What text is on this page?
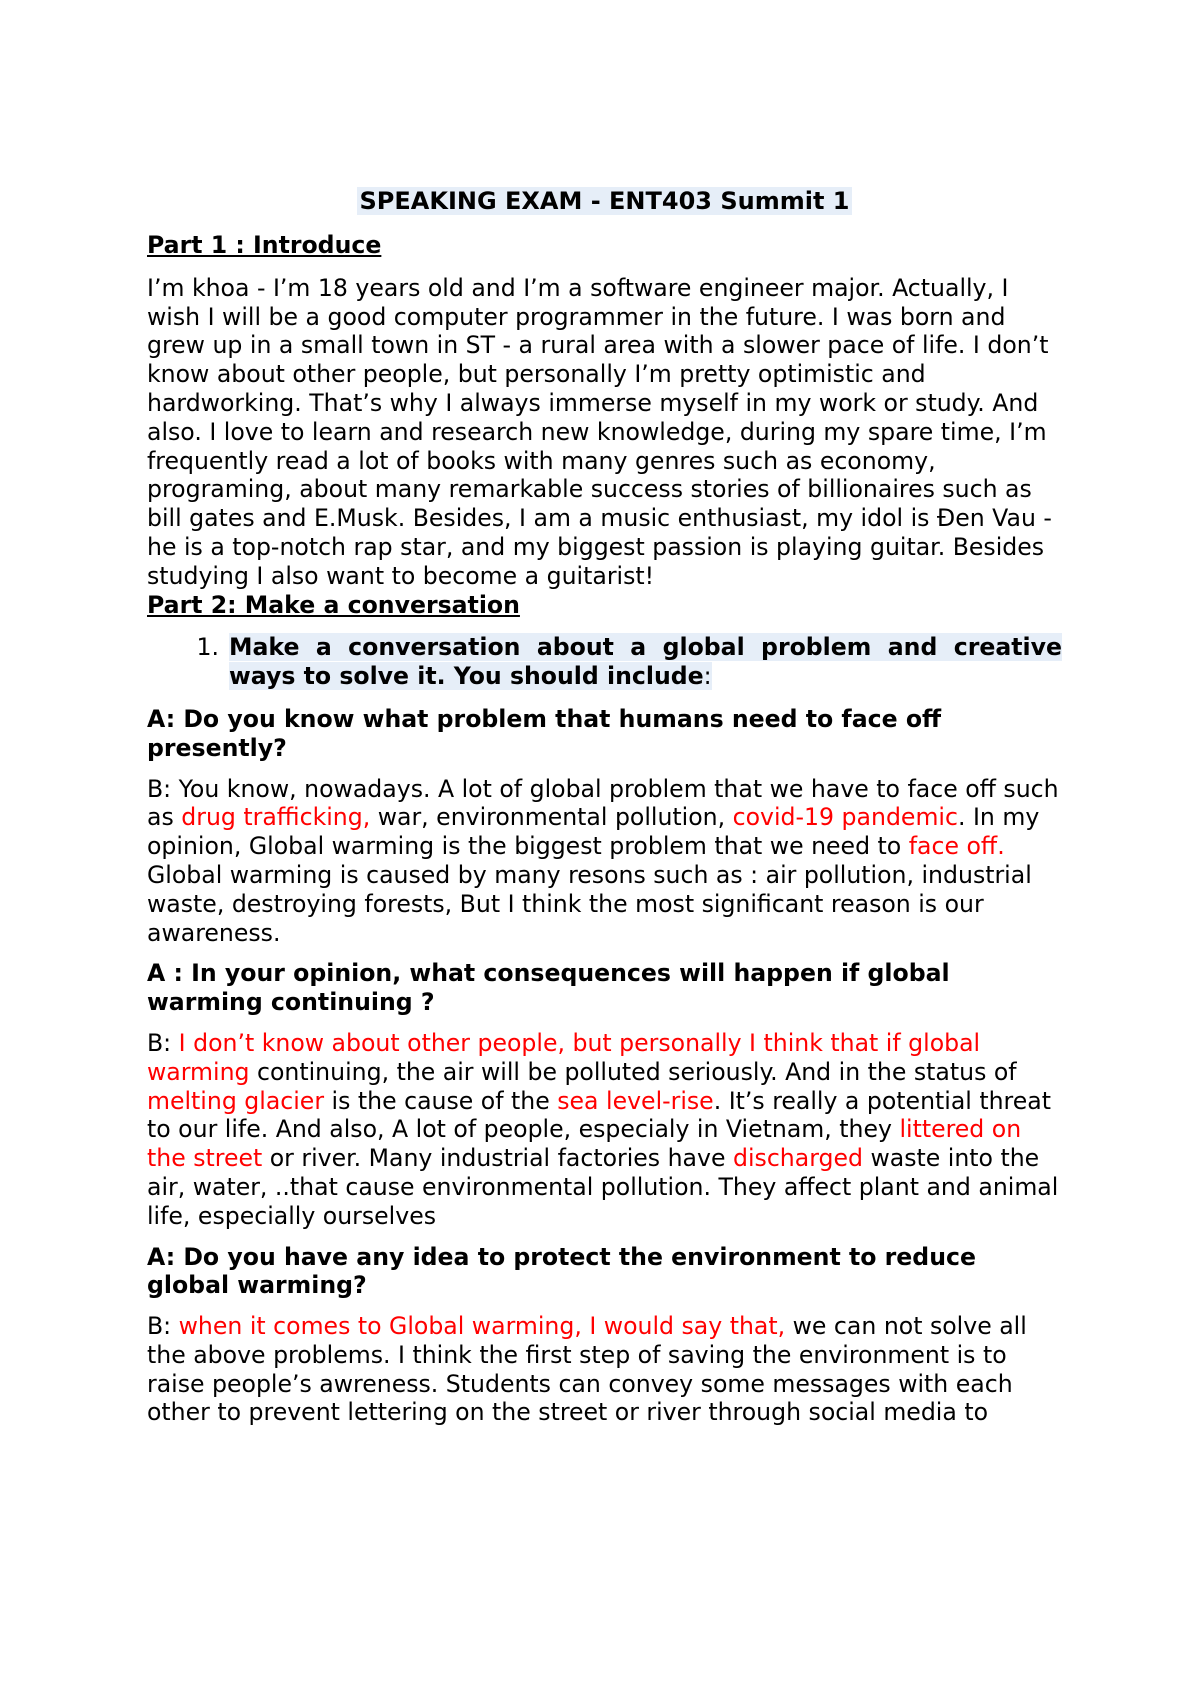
SPEAKING EXAM - ENT403 Summit 1
Part 1 : Introduce

I’m khoa - I’m 18 years old and I’m a software engineer major. Actually, I wish I will be a good computer programmer in the future. I was born and grew up in a small town in ST - a rural area with a slower pace of life. I don’t know about other people, but personally I’m pretty optimistic and hardworking. That’s why I always immerse myself in my work or study. And also. I love to learn and research new knowledge, during my spare time, I’m frequently read a lot of books with many genres such as economy, programing, about many remarkable success stories of billionaires such as bill gates and E.Musk. Besides, I am a music enthusiast, my idol is Đen Vau - he is a top-notch rap star, and my biggest passion is playing guitar. Besides studying I also want to become a guitarist!

Part 2: Make a conversation
1. Make a conversation about a global problem and creative ways to solve it. You should include:

A: Do you know what problem that humans need to face off presently?

B: You know, nowadays. A lot of global problem that we have to face off such as drug trafficking, war, environmental pollution, covid-19 pandemic. In my opinion, Global warming is the biggest problem that we need to face off. Global warming is caused by many resons such as : air pollution, industrial waste, destroying forests, But I think the most significant reason is our awareness.

A : In your opinion, what consequences will happen if global warming continuing ?

B: I don’t know about other people, but personally I think that if global warming continuing, the air will be polluted seriously. And in the status of melting glacier is the cause of the sea level-rise. It’s really a potential threat to our life. And also, A lot of people, especialy in Vietnam, they littered on the street or river. Many industrial factories have discharged waste into the air, water, ..that cause environmental pollution. They affect plant and animal life, especially ourselves

A: Do you have any idea to protect the environment to reduce global warming?

B: when it comes to Global warming, I would say that, we can not solve all the above problems. I think the first step of saving the environment is to raise people’s awreness. Students can convey some messages with each other to prevent lettering on the street or river through social media to
